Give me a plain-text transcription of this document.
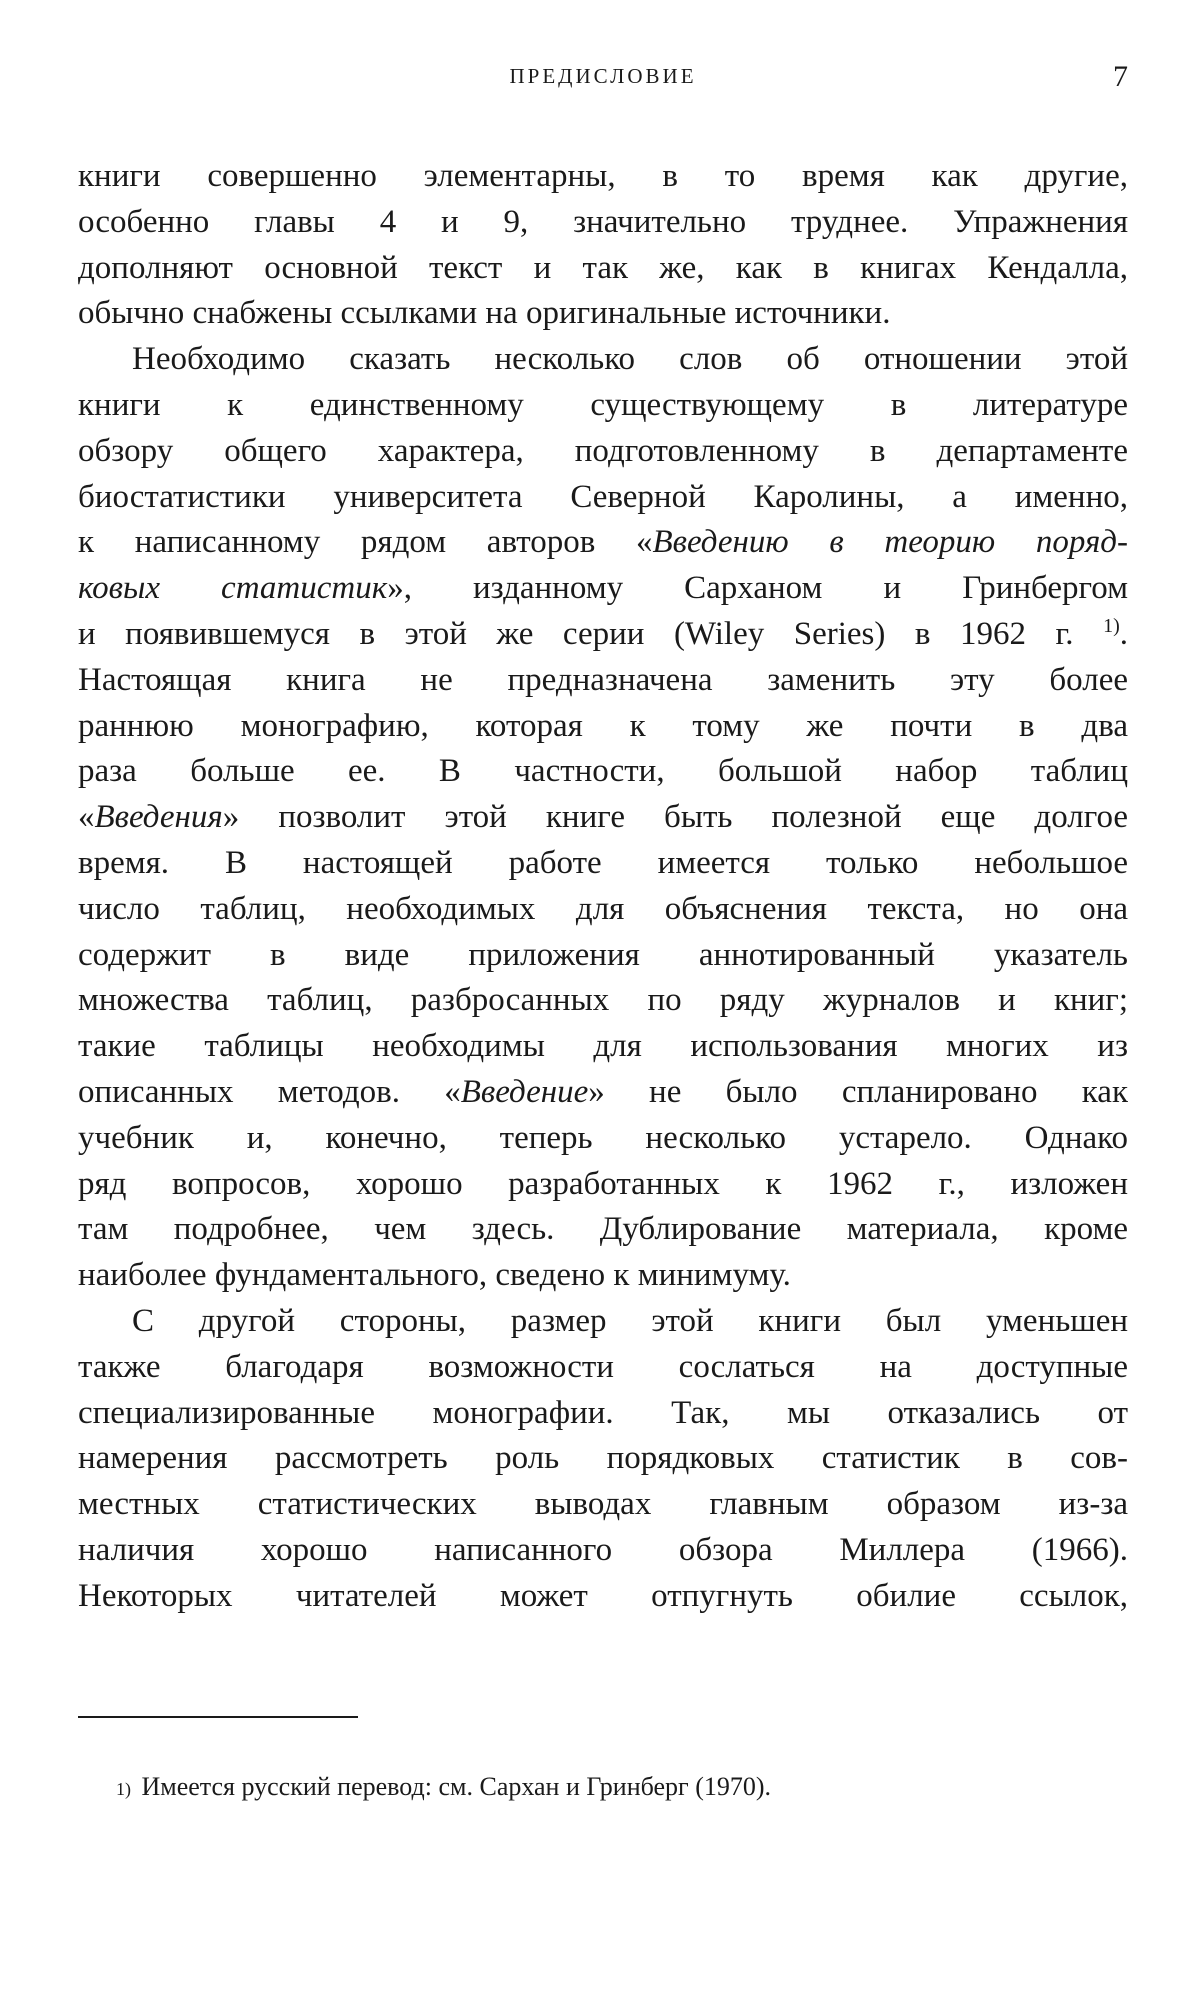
ПРЕДИСЛОВИЕ	7
книги совершенно элементарны, в то время как другие,
особенно главы 4 и 9, значительно труднее. Упражнения
дополняют основной текст и так же, как в книгах Кендалла,
обычно снабжены ссылками на оригинальные источники.
Необходимо сказать несколько слов об отношении этой
книги к единственному существующему в литературе
обзору общего характера, подготовленному в департаменте
биостатистики университета Северной Каролины, а именно,
к написанному рядом авторов «Введению в теорию поряд-
ковых статистик», изданному Сарханом и Гринбергом
и появившемуся в этой же серии (Wiley Series) в 1962 г. $^{1)}$.
Настоящая книга не предназначена заменить эту более
раннюю монографию, которая к тому же почти в два
раза больше ее. В частности, большой набор таблиц
«Введения» позволит этой книге быть полезной еще долгое
время. В настоящей работе имеется только небольшое
число таблиц, необходимых для объяснения текста, но она
содержит в виде приложения аннотированный указатель
множества таблиц, разбросанных по ряду журналов и книг;
такие таблицы необходимы для использования многих из
описанных методов. «Введение» не было спланировано как
учебник и, конечно, теперь несколько устарело. Однако
ряд вопросов, хорошо разработанных к 1962 г., изложен
там подробнее, чем здесь. Дублирование материала, кроме
наиболее фундаментального, сведено к минимуму.
С другой стороны, размер этой книги был уменьшен
также благодаря возможности сослаться на доступные
специализированные монографии. Так, мы отказались от
намерения рассмотреть роль порядковых статистик в сов-
местных статистических выводах главным образом из-за
наличия хорошо написанного обзора Миллера (1966).
Некоторых читателей может отпугнуть обилие ссылок,
$^{1)}$ Имеется русский перевод: см. Сархан и Гринберг (1970).
